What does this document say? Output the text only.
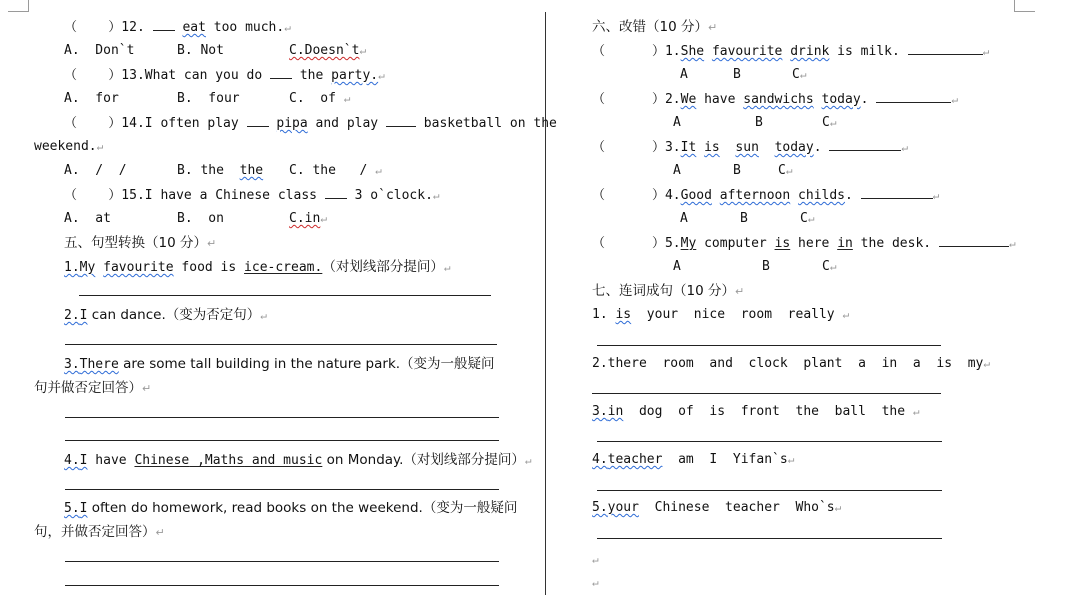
（    ）12.  eat too much.↵
A.  Don`t	B. Not	C.Doesn`t↵
（    ）13.What can you do  the party.↵
A.  for	B.  four	C.  of ↵
（    ）14.I often play  pipa and play  basketball on the
weekend.↵
A.  /  /	B. the the C. the   / ↵
（    ）15.I have a Chinese class  3 o`clock.↵
A.  at	B.  on	C.in↵
五、句型转换（10 分）↵
1.My favourite food is ice-cream.（对划线部分提问）↵
2.I can dance.（变为否定句）↵
3.There are some tall building in the nature park.（变为一般疑问
句并做否定回答）↵
4.I have Chinese ,Maths and music on Monday.（对划线部分提问）↵
5.I often do homework, read books on the weekend.（变为一般疑问
句，并做否定回答）↵
六、改错（10 分）↵
（      ）1.She favourite drink is milk.	↵
A	B	C↵
（      ）2.We have sandwichs today.	↵
A	B	C↵
（      ）3.It is sun today.	↵
A	B	C↵
（      ）4.Good afternoon childs.	↵
A	B	C↵
（      ）5.My computer is here in the desk.	↵
A	B	C↵
七、连词成句（10 分）↵
1. is  your  nice  room  really ↵
2.there  room  and  clock  plant  a  in  a  is  my↵
3.in  dog  of  is  front  the  ball  the ↵
4.teacher  am  I  Yifan`s↵
5.your  Chinese  teacher  Who`s↵
↵
↵
